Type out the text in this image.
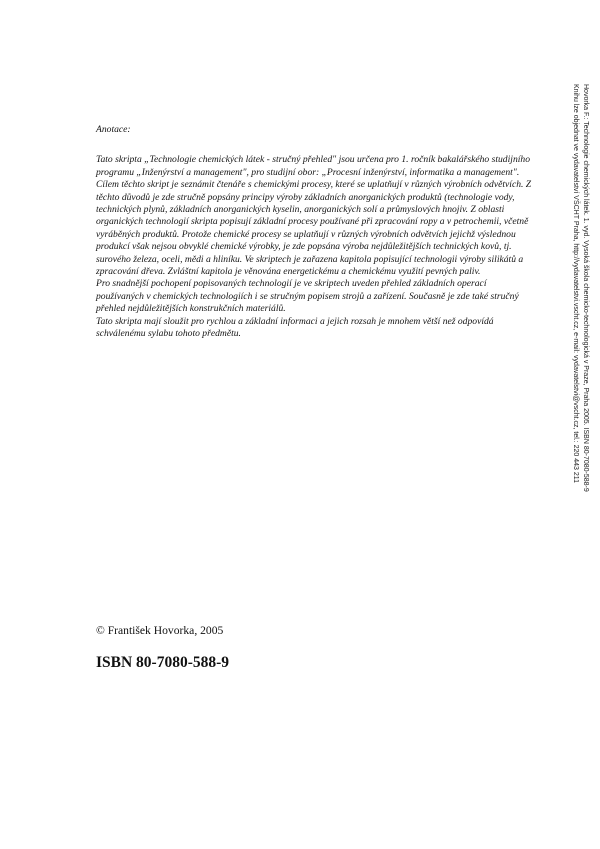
Anotace:

Tato skripta „Technologie chemických látek - stručný přehled" jsou určena pro 1. ročník bakalářského studijního programu „Inženýrství a management", pro studijní obor: „Procesní inženýrství, informatika a management".

Cílem těchto skript je seznámit čtenáře s chemickými procesy, které se uplatňují v různých výrobních odvětvích. Z těchto důvodů je zde stručně popsány principy výroby základních anorganických produktů (technologie vody, technických plynů, základních anorganických kyselin, anorganických solí a průmyslových hnojiv. Z oblasti organických technologií skripta popisují základní procesy používané při zpracování ropy a v petrochemii, včetně vyráběných produktů. Protože chemické procesy se uplatňují v různých výrobních odvětvích jejichž výslednou produkcí však nejsou obvyklé chemické výrobky, je zde popsána výroba nejdůležitějších technických kovů, tj. surového železa, oceli, mědi a hliníku. Ve skriptech je zařazena kapitola popisující technologii výroby silikátů a zpracování dřeva. Zvláštní kapitola je věnována energetickému a chemickému využití pevných paliv.

Pro snadnější pochopení popisovaných technologií je ve skriptech uveden přehled základních operací používaných v chemických technologiích i se stručným popisem strojů a zařízení. Současně je zde také stručný přehled nejdůležitějších konstrukčních materiálů.

Tato skripta mají sloužit pro rychlou a základní informaci a jejich rozsah je mnohem větší než odpovídá schválenému sylabu tohoto předmětu.

© František Hovorka, 2005
ISBN 80-7080-588-9
Hovorka F.: Technologie chemických látek. 1. vyd. Vysoká škola chemicko-technologická v Praze, Praha 2005. ISBN 80-7080-588-9
Knihu lze objednat ve vydavatelství VŠCHT Praha, http://vydavatelstvi.vscht.cz, e-mail: vydavatelstvi@vscht.cz, tel.: 220 443 211
